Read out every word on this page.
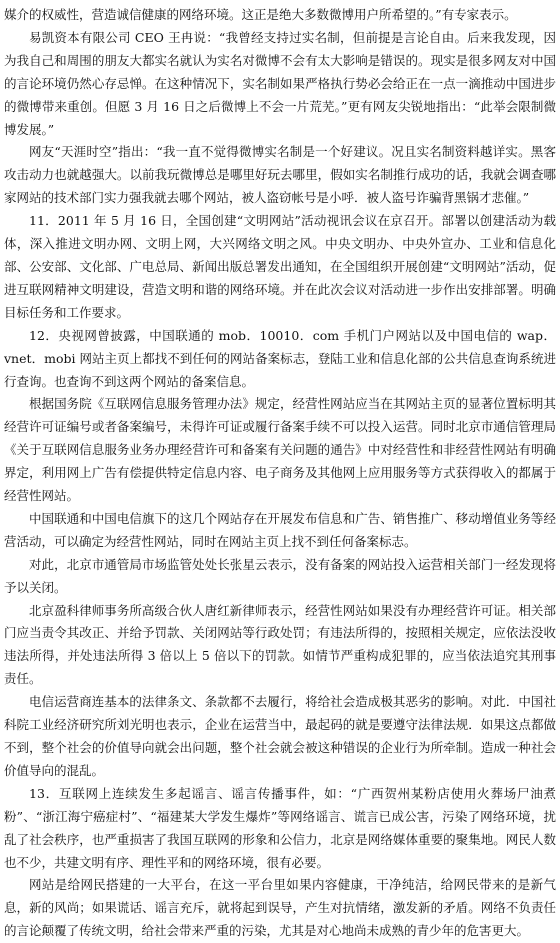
媒介的权威性，营造诚信健康的网络环境。这正是绝大多数微博用户所希望的。”有专家表示。

易凯资本有限公司 CEO 王冉说：“我曾经支持过实名制，但前提是言论自由。后来我发现，因为我自己和周围的朋友大都实名就认为实名对微博不会有太大影响是错误的。现实是很多网友对中国的言论环境仍然心存忌惮。在这种情况下，实名制如果严格执行势必会给正在一点一滴推动中国进步的微博带来重创。但愿 3 月 16 日之后微博上不会一片荒芜。”更有网友尖锐地指出：“此举会限制微博发展。”

网友“天涯时空”指出：“我一直不觉得微博实名制是一个好建议。况且实名制资料越详实。黑客攻击动力也就越强大。以前我玩微博总是哪里好玩去哪里，假如实名制推行成功的话，我就会调查哪家网站的技术部门实力强我就去哪个网站，被人盗窃帐号是小呼．被人盗号诈骗背黑锅才悲催。”

11．2011 年 5 月 16 日，全国创建“文明网站”活动视讯会议在京召开。部署以创建活动为载体，深入推进文明办网、文明上网，大兴网络文明之风。中央文明办、中央外宣办、工业和信息化部、公安部、文化部、广电总局、新闻出版总署发出通知，在全国组织开展创建“文明网站”活动，促进互联网精神文明建设，营造文明和谐的网络环境。并在此次会议对活动进一步作出安排部署。明确目标任务和工作要求。

12．央视网曾披露，中国联通的 mob．10010．com 手机门户网站以及中国电信的 wap．vnet．mobi 网站主页上都找不到任何的网站备案标志，登陆工业和信息化部的公共信息查询系统进行查询。也查询不到这两个网站的备案信息。

根据国务院《互联网信息服务管理办法》规定，经营性网站应当在其网站主页的显著位置标明其经营许可证编号或者备案编号，未得许可证或履行备案手续不可以投入运营。同时北京市通信管理局《关于互联网信息服务业务办理经营许可和备案有关问题的通告》中对经营性和非经营性网站有明确界定，利用网上广告有偿提供特定信息内容、电子商务及其他网上应用服务等方式获得收入的都属于经营性网站。

中国联通和中国电信旗下的这几个网站存在开展发布信息和广告、销售推广、移动增值业务等经营活动，可以确定为经营性网站，同时在网站主页上找不到任何备案标志。

对此，北京市通管局市场监管处处长张星云表示，没有备案的网站投入运营相关部门一经发现将予以关闭。

北京盈科律师事务所高级合伙人唐红新律师表示，经营性网站如果没有办理经营许可证。相关部门应当责令其改正、并给予罚款、关闭网站等行政处罚；有违法所得的，按照相关规定，应依法没收违法所得，并处违法所得 3 倍以上 5 倍以下的罚款。如情节严重构成犯罪的，应当依法追究其刑事责任。

电信运营商连基本的法律条文、条款都不去履行，将给社会造成极其恶劣的影响。对此．中国社科院工业经济研究所刘光明也表示，企业在运营当中，最起码的就是要遵守法律法规．如果这点都做不到，整个社会的价值导向就会出问题，整个社会就会被这种错误的企业行为所牵制。造成一种社会价值导向的混乱。

13．互联网上连续发生多起谣言、谣言传播事件，如：“广西贺州某粉店使用火葬场尸油煮粉”、“浙江海宁癌症村”、“福建某大学发生爆炸”等网络谣言、谎言已成公害，污染了网络环境，扰乱了社会秩序，也严重损害了我国互联网的形象和公信力，北京是网络媒体重要的聚集地。网民人数也不少，共建文明有序、理性平和的网络环境，很有必要。

网站是给网民搭建的一大平台，在这一平台里如果内容健康，干净纯洁，给网民带来的是新气息，新的风尚；如果谎话、谣言充斥，就将起到误导，产生对抗情绪，激发新的矛盾。网络不负责任的言论颠覆了传统文明，给社会带来严重的污染，尤其是对心地尚未成熟的青少年的危害更大。
